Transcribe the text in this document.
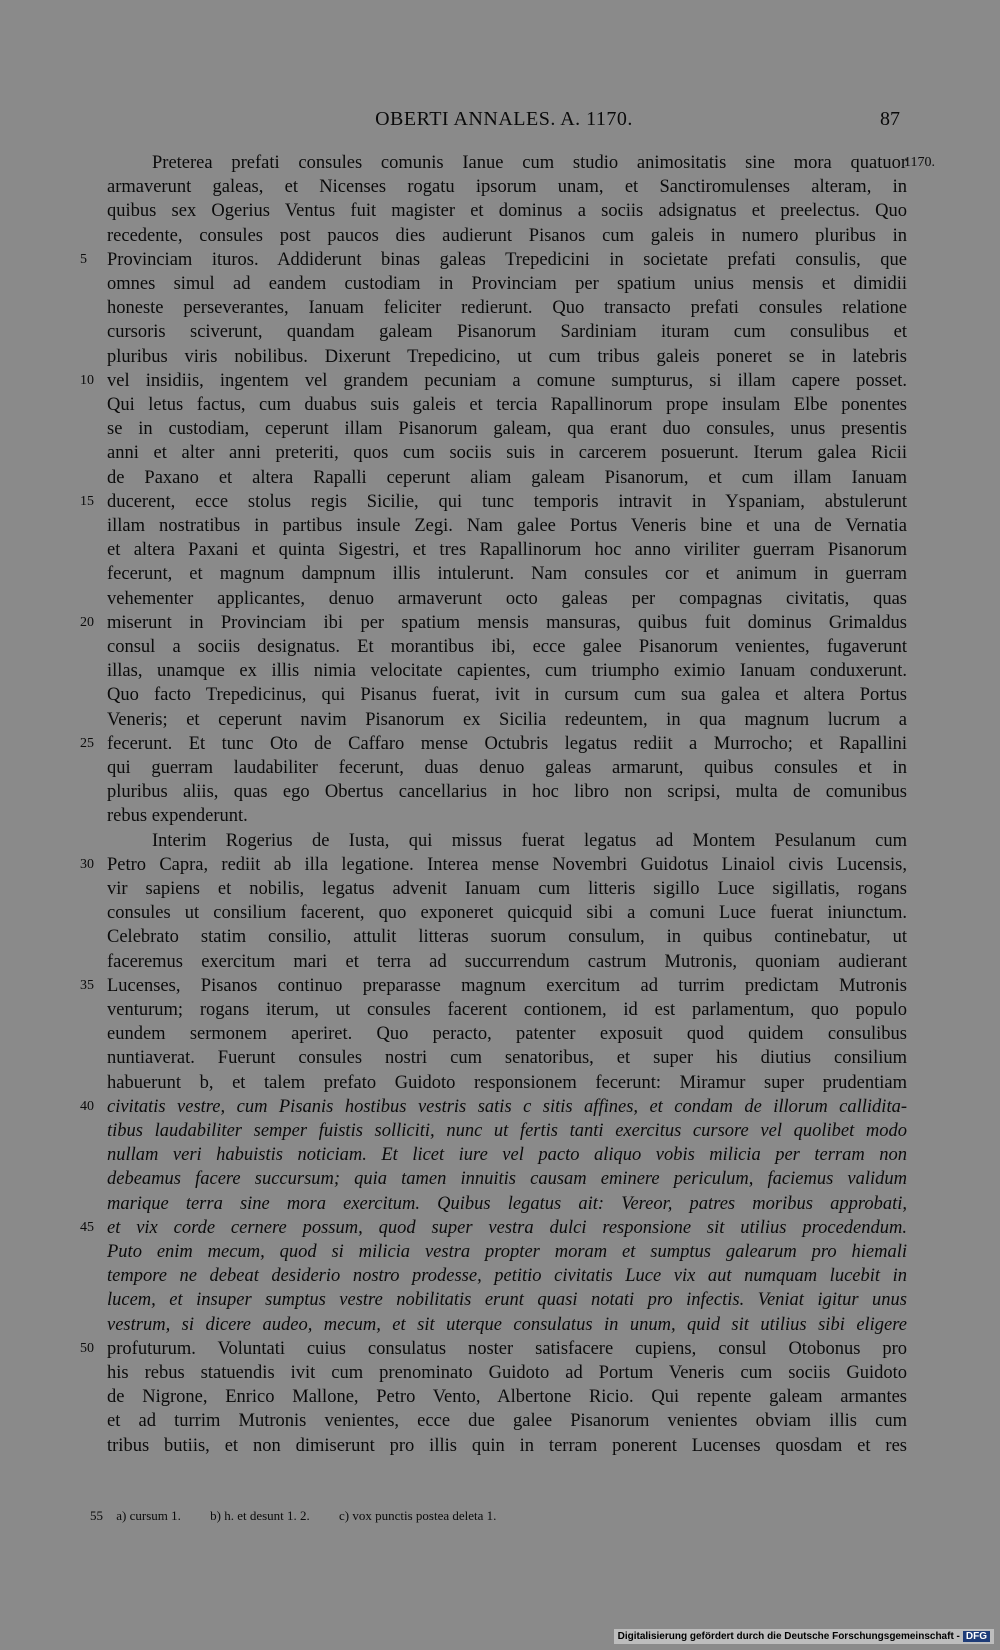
OBERTI ANNALES. A. 1170.	87
Preterea prefati consules comunis Ianue cum studio animositatis sine mora quatuor
1170.
armaverunt galeas, et Nicenses rogatu ipsorum unam, et Sanctiromulenses alteram, in
quibus sex Ogerius Ventus fuit magister et dominus a sociis adsignatus et preelectus. Quo
recedente, consules post paucos dies audierunt Pisanos cum galeis in numero pluribus in
5	Provinciam ituros. Addiderunt binas galeas Trepedicini in societate prefati consulis, que
omnes simul ad eandem custodiam in Provinciam per spatium unius mensis et dimidii
honeste perseverantes, Ianuam feliciter redierunt. Quo transacto prefati consules relatione
cursoris sciverunt, quandam galeam Pisanorum Sardiniam ituram cum consulibus et
pluribus viris nobilibus. Dixerunt Trepedicino, ut cum tribus galeis poneret se in latebris
10 vel insidiis, ingentem vel grandem pecuniam a comune sumpturus, si illam capere posset.
Qui letus factus, cum duabus suis galeis et tercia Rapallinorum prope insulam Elbe ponentes
se in custodiam, ceperunt illam Pisanorum galeam, qua erant duo consules, unus presentis
anni et alter anni preteriti, quos cum sociis suis in carcerem posuerunt. Iterum galea Ricii
de Paxano et altera Rapalli ceperunt aliam galeam Pisanorum, et cum illam Ianuam
15 ducerent, ecce stolus regis Sicilie, qui tunc temporis intravit in Yspaniam, abstulerunt
illam nostratibus in partibus insule Zegi. Nam galee Portus Veneris bine et una de Vernatia
et altera Paxani et quinta Sigestri, et tres Rapallinorum hoc anno viriliter guerram Pisanorum
fecerunt, et magnum dampnum illis intulerunt. Nam consules cor et animum in guerram
vehementer applicantes, denuo armaverunt octo galeas per compagnas civitatis, quas
20 miserunt in Provinciam ibi per spatium mensis mansuras, quibus fuit dominus Grimaldus
consul a sociis designatus. Et morantibus ibi, ecce galee Pisanorum venientes, fugaverunt
illas, unamque ex illis nimia velocitate capientes, cum triumpho eximio Ianuam conduxerunt.
Quo facto Trepedicinus, qui Pisanus fuerat, ivit in cursum cum sua galea et altera Portus
Veneris; et ceperunt navim Pisanorum ex Sicilia redeuntem, in qua magnum lucrum a
25 fecerunt. Et tunc Oto de Caffaro mense Octubris legatus rediit a Murrocho; et Rapallini
qui guerram laudabiliter fecerunt, duas denuo galeas armarunt, quibus consules et in
pluribus aliis, quas ego Obertus cancellarius in hoc libro non scripsi, multa de comunibus
rebus expenderunt.
Interim Rogerius de Iusta, qui missus fuerat legatus ad Montem Pesulanum cum
30 Petro Capra, rediit ab illa legatione. Interea mense Novembri Guidotus Linaiol civis Lucensis,
vir sapiens et nobilis, legatus advenit Ianuam cum litteris sigillo Luce sigillatis, rogans
consules ut consilium facerent, quo exponeret quicquid sibi a comuni Luce fuerat iniunctum.
Celebrato statim consilio, attulit litteras suorum consulum, in quibus continebatur, ut
faceremus exercitum mari et terra ad succurrendum castrum Mutronis, quoniam audierant
35 Lucenses, Pisanos continuo preparasse magnum exercitum ad turrim predictam Mutronis
venturum; rogans iterum, ut consules facerent contionem, id est parlamentum, quo populo
eundem sermonem aperiret. Quo peracto, patenter exposuit quod quidem consulibus
nuntiaverat. Fuerunt consules nostri cum senatoribus, et super his diutius consilium
habuerunt b, et talem prefato Guidoto responsionem fecerunt: Miramur super prudentiam
40 civitatis vestre, cum Pisanis hostibus vestris satis c sitis affines, et condam de illorum callidita-
tibus laudabiliter semper fuistis solliciti, nunc ut fertis tanti exercitus cursore vel quolibet modo
nullam veri habuistis noticiam. Et licet iure vel pacto aliquo vobis milicia per terram non
debeamus facere succursum; quia tamen innuitis causam eminere periculum, faciemus validum
marique terra sine mora exercitum. Quibus legatus ait: Vereor, patres moribus approbati,
45 et vix corde cernere possum, quod super vestra dulci responsione sit utilius procedendum.
Puto enim mecum, quod si milicia vestra propter moram et sumptus galearum pro hiemali
tempore ne debeat desiderio nostro prodesse, petitio civitatis Luce vix aut numquam lucebit in
lucem, et insuper sumptus vestre nobilitatis erunt quasi notati pro infectis. Veniat igitur unus
vestrum, si dicere audeo, mecum, et sit uterque consulatus in unum, quid sit utilius sibi eligere
50 profuturum. Voluntati cuius consulatus noster satisfacere cupiens, consul Otobonus pro
his rebus statuendis ivit cum prenominato Guidoto ad Portum Veneris cum sociis Guidoto
de Nigrone, Enrico Mallone, Petro Vento, Albertone Ricio. Qui repente galeam armantes
et ad turrim Mutronis venientes, ecce due galee Pisanorum venientes obviam illis cum
tribus butiis, et non dimiserunt pro illis quin in terram ponerent Lucenses quosdam et res
55 a) cursum 1. b) h. et desunt 1. 2. c) vox punctis postea deleta 1.
Digitalisierung gefördert durch die Deutsche Forschungsgemeinschaft - DFG
